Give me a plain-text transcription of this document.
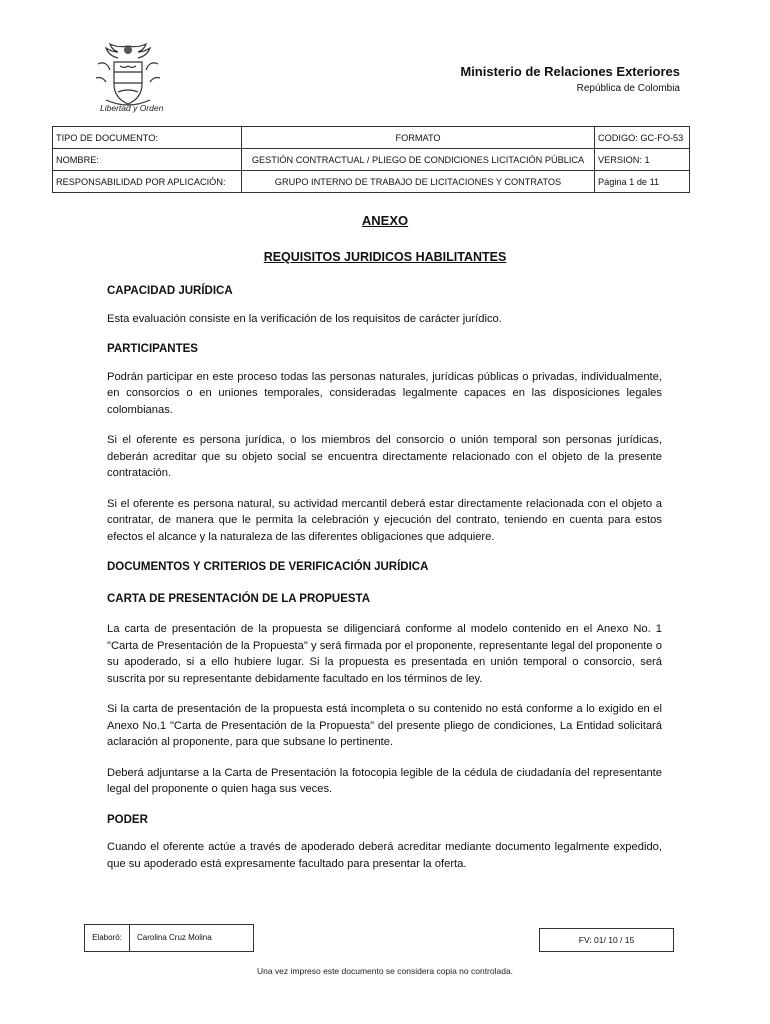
Libertad y Orden
Ministerio de Relaciones Exteriores
República de Colombia
TIPO DE DOCUMENTO:	FORMATO	CODIGO: GC-FO-53
NOMBRE:	GESTIÓN CONTRACTUAL / PLIEGO DE CONDICIONES LICITACIÓN PÚBLICA	VERSION: 1
RESPONSABILIDAD POR APLICACIÓN:	GRUPO INTERNO DE TRABAJO DE LICITACIONES Y CONTRATOS	Página 1 de 11
ANEXO
REQUISITOS JURIDICOS HABILITANTES
CAPACIDAD JURÍDICA

Esta evaluación consiste en la verificación de los requisitos de carácter jurídico.

PARTICIPANTES

Podrán participar en este proceso todas las personas naturales, jurídicas públicas o privadas, individualmente, en consorcios o en uniones temporales, consideradas legalmente capaces en las disposiciones legales colombianas.

Si el oferente es persona jurídica, o los miembros del consorcio o unión temporal son personas jurídicas, deberán acreditar que su objeto social se encuentra directamente relacionado con el objeto de la presente contratación.

Si el oferente es persona natural, su actividad mercantil deberá estar directamente relacionada con el objeto a contratar, de manera que le permita la celebración y ejecución del contrato, teniendo en cuenta para estos efectos el alcance y la naturaleza de las diferentes obligaciones que adquiere.

DOCUMENTOS Y CRITERIOS DE VERIFICACIÓN JURÍDICA
CARTA DE PRESENTACIÓN DE LA PROPUESTA

La carta de presentación de la propuesta se diligenciará conforme al modelo contenido en el Anexo No. 1 "Carta de Presentación de la Propuesta" y será firmada por el proponente, representante legal del proponente o su apoderado, si a ello hubiere lugar. Si la propuesta es presentada en unión temporal o consorcio, será suscrita por su representante debidamente facultado en los términos de ley.

Si la carta de presentación de la propuesta está incompleta o su contenido no está conforme a lo exigido en el Anexo No.1 "Carta de Presentación de la Propuesta" del presente pliego de condiciones, La Entidad solicitará aclaración al proponente, para que subsane lo pertinente.

Deberá adjuntarse a la Carta de Presentación la fotocopia legible de la cédula de ciudadanía del representante legal del proponente o quien haga sus veces.

PODER

Cuando el oferente actúe a través de apoderado deberá acreditar mediante documento legalmente expedido, que su apoderado está expresamente facultado para presentar la oferta.

Elaboró:	Carolina Cruz Molina	FV: 01/ 10 / 15
Una vez impreso este documento se considera copia no controlada.
